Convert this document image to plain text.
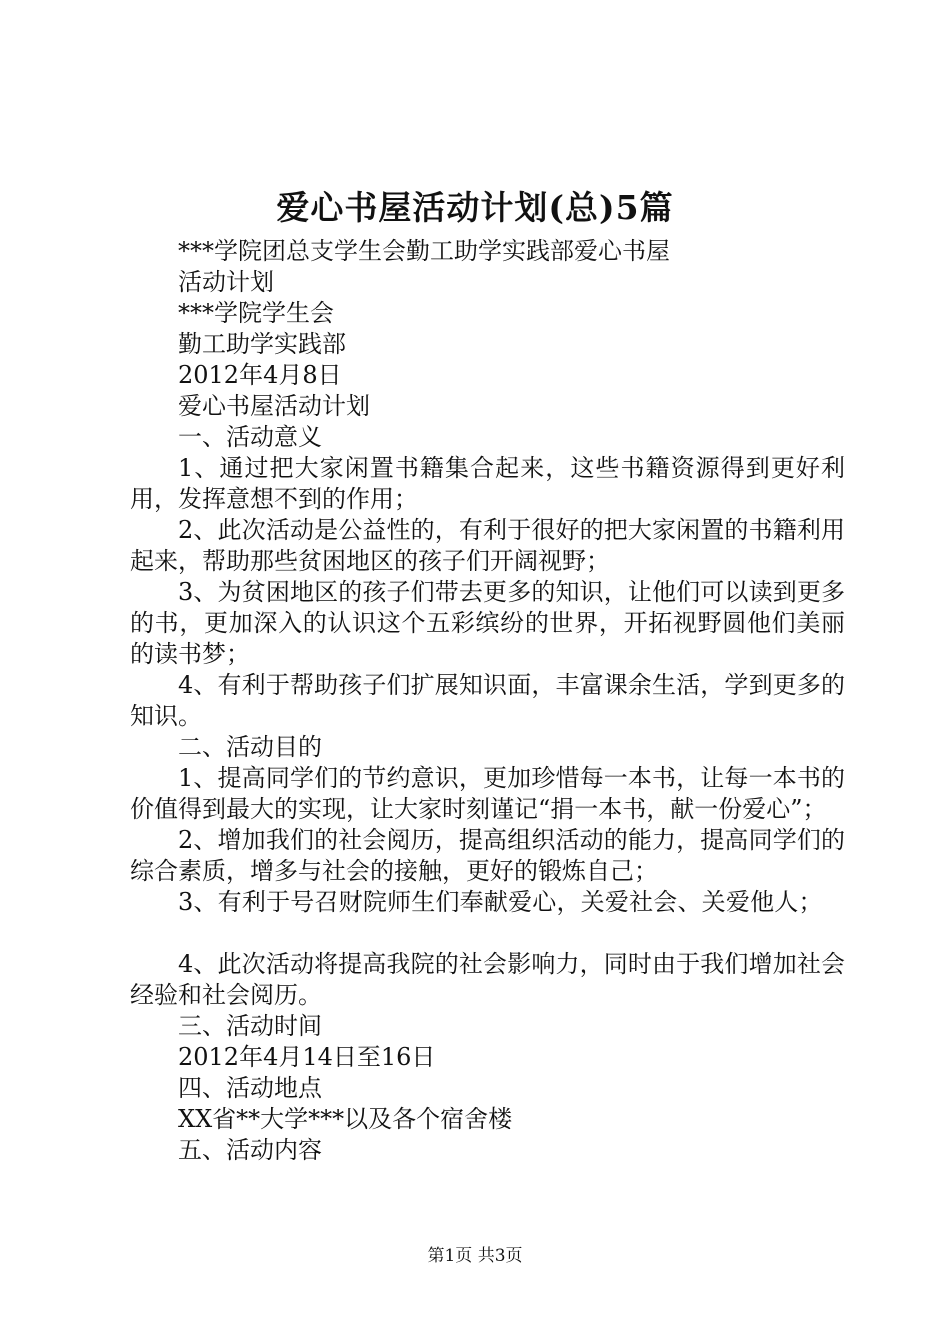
爱心书屋活动计划(总)5篇
***学院团总支学生会勤工助学实践部爱心书屋
活动计划
***学院学生会
勤工助学实践部
2012年4月8日
爱心书屋活动计划
一、活动意义
1、通过把大家闲置书籍集合起来，这些书籍资源得到更好利用，发挥意想不到的作用；
2、此次活动是公益性的，有利于很好的把大家闲置的书籍利用起来，帮助那些贫困地区的孩子们开阔视野；
3、为贫困地区的孩子们带去更多的知识，让他们可以读到更多的书，更加深入的认识这个五彩缤纷的世界，开拓视野圆他们美丽的读书梦；
4、有利于帮助孩子们扩展知识面，丰富课余生活，学到更多的知识。
二、活动目的
1、提高同学们的节约意识，更加珍惜每一本书，让每一本书的价值得到最大的实现，让大家时刻谨记“捐一本书，献一份爱心”；
2、增加我们的社会阅历，提高组织活动的能力，提高同学们的综合素质，增多与社会的接触，更好的锻炼自己；
3、有利于号召财院师生们奉献爱心，关爱社会、关爱他人；
4、此次活动将提高我院的社会影响力，同时由于我们增加社会经验和社会阅历。
三、活动时间
2012年4月14日至16日
四、活动地点
XX省**大学***以及各个宿舍楼
五、活动内容
第1页 共3页
